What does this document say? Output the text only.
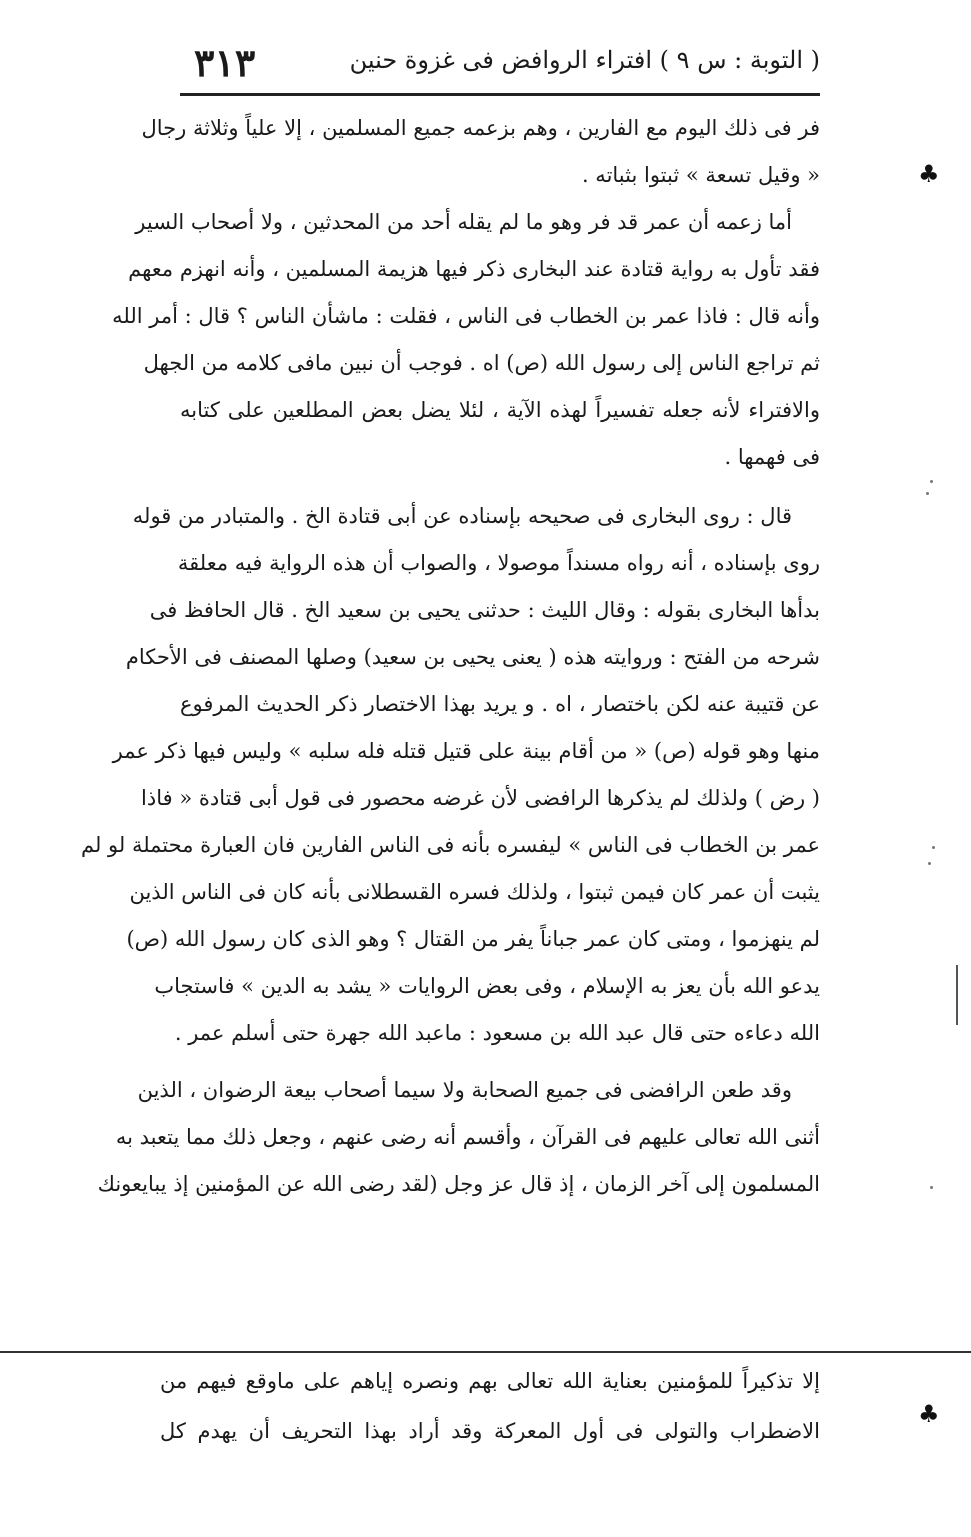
( التوبة : س ٩ ) افتراء الروافض فى غزوة حنين
٣١٣
فر فى ذلك اليوم مع الفارين ، وهم بزعمه جميع المسلمين ، إلا علياً وثلاثة رجال
« وقيل تسعة » ثبتوا بثباته .
أما زعمه أن عمر قد فر وهو ما لم يقله أحد من المحدثين ، ولا أصحاب السير
فقد تأول به رواية قتادة عند البخارى ذكر فيها هزيمة المسلمين ، وأنه انهزم معهم
وأنه قال : فاذا عمر بن الخطاب فى الناس ، فقلت : ماشأن الناس ؟ قال : أمر الله
ثم تراجع الناس إلى رسول الله (ص) اه . فوجب أن نبين مافى كلامه من الجهل
والافتراء لأنه جعله تفسيراً لهذه الآية ، لئلا يضل بعض المطلعين على كتابه
فى فهمها .
قال : روى البخارى فى صحيحه بإسناده عن أبى قتادة الخ . والمتبادر من قوله
روى بإسناده ، أنه رواه مسنداً موصولا ، والصواب أن هذه الرواية فيه معلقة
بدأها البخارى بقوله : وقال الليث : حدثنى يحيى بن سعيد الخ . قال الحافظ فى
شرحه من الفتح : وروايته هذه ( يعنى يحيى بن سعيد) وصلها المصنف فى الأحكام
عن قتيبة عنه لكن باختصار ، اه . و يريد بهذا الاختصار ذكر الحديث المرفوع
منها وهو قوله (ص) « من أقام بينة على قتيل قتله فله سلبه » وليس فيها ذكر عمر
( رض ) ولذلك لم يذكرها الرافضى لأن غرضه محصور فى قول أبى قتادة « فاذا
عمر بن الخطاب فى الناس » ليفسره بأنه فى الناس الفارين فان العبارة محتملة لو لم
يثبت أن عمر كان فيمن ثبتوا ، ولذلك فسره القسطلانى بأنه كان فى الناس الذين
لم ينهزموا ، ومتى كان عمر جباناً يفر من القتال ؟ وهو الذى كان رسول الله (ص)
يدعو الله بأن يعز به الإسلام ، وفى بعض الروايات « يشد به الدين » فاستجاب
الله دعاءه حتى قال عبد الله بن مسعود : ماعبد الله جهرة حتى أسلم عمر .
وقد طعن الرافضى فى جميع الصحابة ولا سيما أصحاب بيعة الرضوان ، الذين
أثنى الله تعالى عليهم فى القرآن ، وأقسم أنه رضى عنهم ، وجعل ذلك مما يتعبد به
المسلمون إلى آخر الزمان ، إذ قال عز وجل (لقد رضى الله عن المؤمنين إذ يبايعونك
إلا تذكيراً للمؤمنين بعناية الله تعالى بهم ونصره إياهم على ماوقع فيهم من
الاضطراب والتولى فى أول المعركة وقد أراد بهذا التحريف أن يهدم كل
♣
♣
